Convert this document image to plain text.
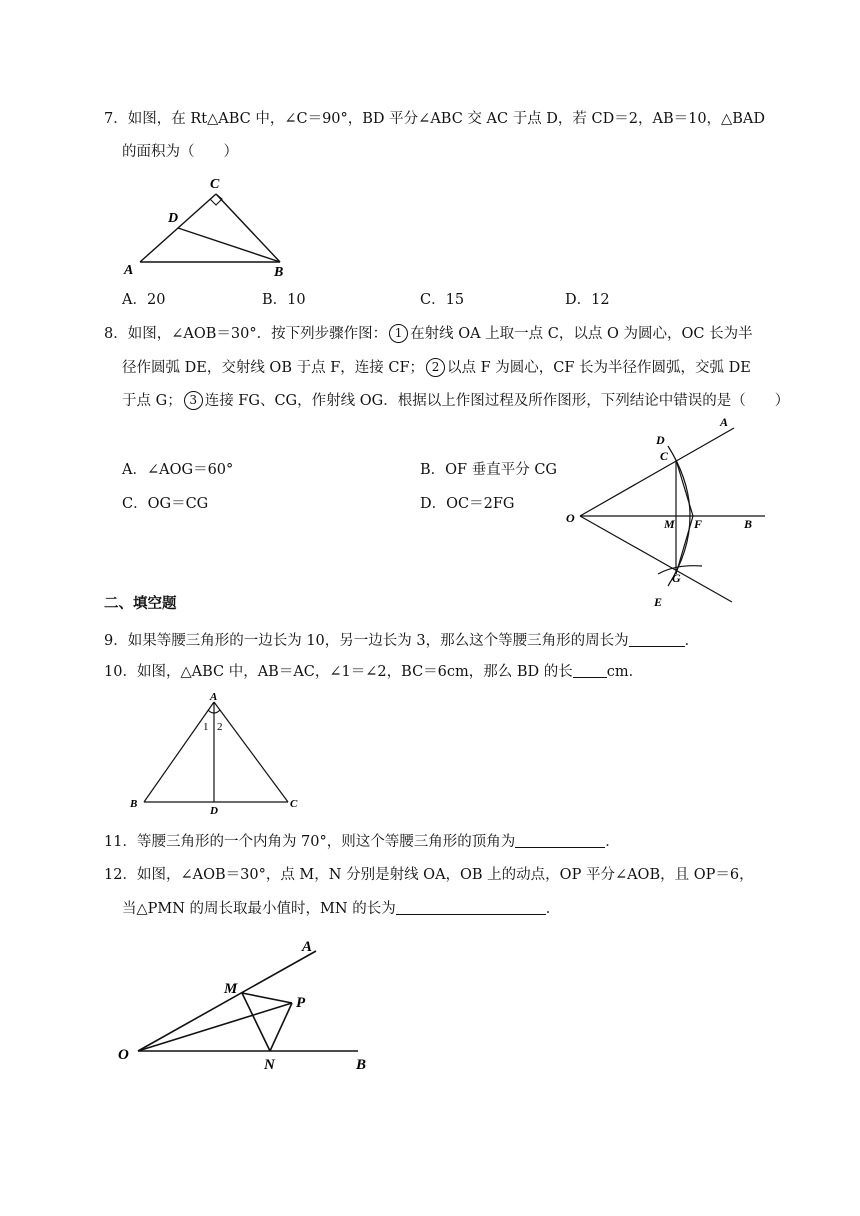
7．如图，在 Rt△ABC 中，∠C＝90°，BD 平分∠ABC 交 AC 于点 D，若 CD＝2，AB＝10，△BAD
的面积为（　　）
A	B
C
D
A．20	B．10	C．15	D．12
8．如图，∠AOB＝30°．按下列步骤作图： 1 在射线 OA 上取一点 C，以点 O 为圆心，OC 长为半
径作圆弧 DE，交射线 OB 于点 F，连接 CF； 2 以点 F 为圆心，CF 长为半径作圆弧，交弧 DE
于点 G； 3 连接 FG、CG，作射线 OG．根据以上作图过程及所作图形，下列结论中错误的是（　　）
A．∠AOG＝60°	B．OF 垂直平分 CG
C．OG＝CG	D．OC＝2FG
O
A
B
C
D
E
F
G
M
二、填空题
9．如果等腰三角形的一边长为 10，另一边长为 3，那么这个等腰三角形的周长为	．
10．如图，△ABC 中，AB＝AC，∠1＝∠2，BC＝6cm，那么 BD 的长 cm．
A
B	C
D
1 2
11．等腰三角形的一个内角为 70°，则这个等腰三角形的顶角为	．
12．如图，∠AOB＝30°，点 M，N 分别是射线 OA，OB 上的动点，OP 平分∠AOB，且 OP＝6，
当△PMN 的周长取最小值时，MN 的长为	．
O
A
B
M
N
P
